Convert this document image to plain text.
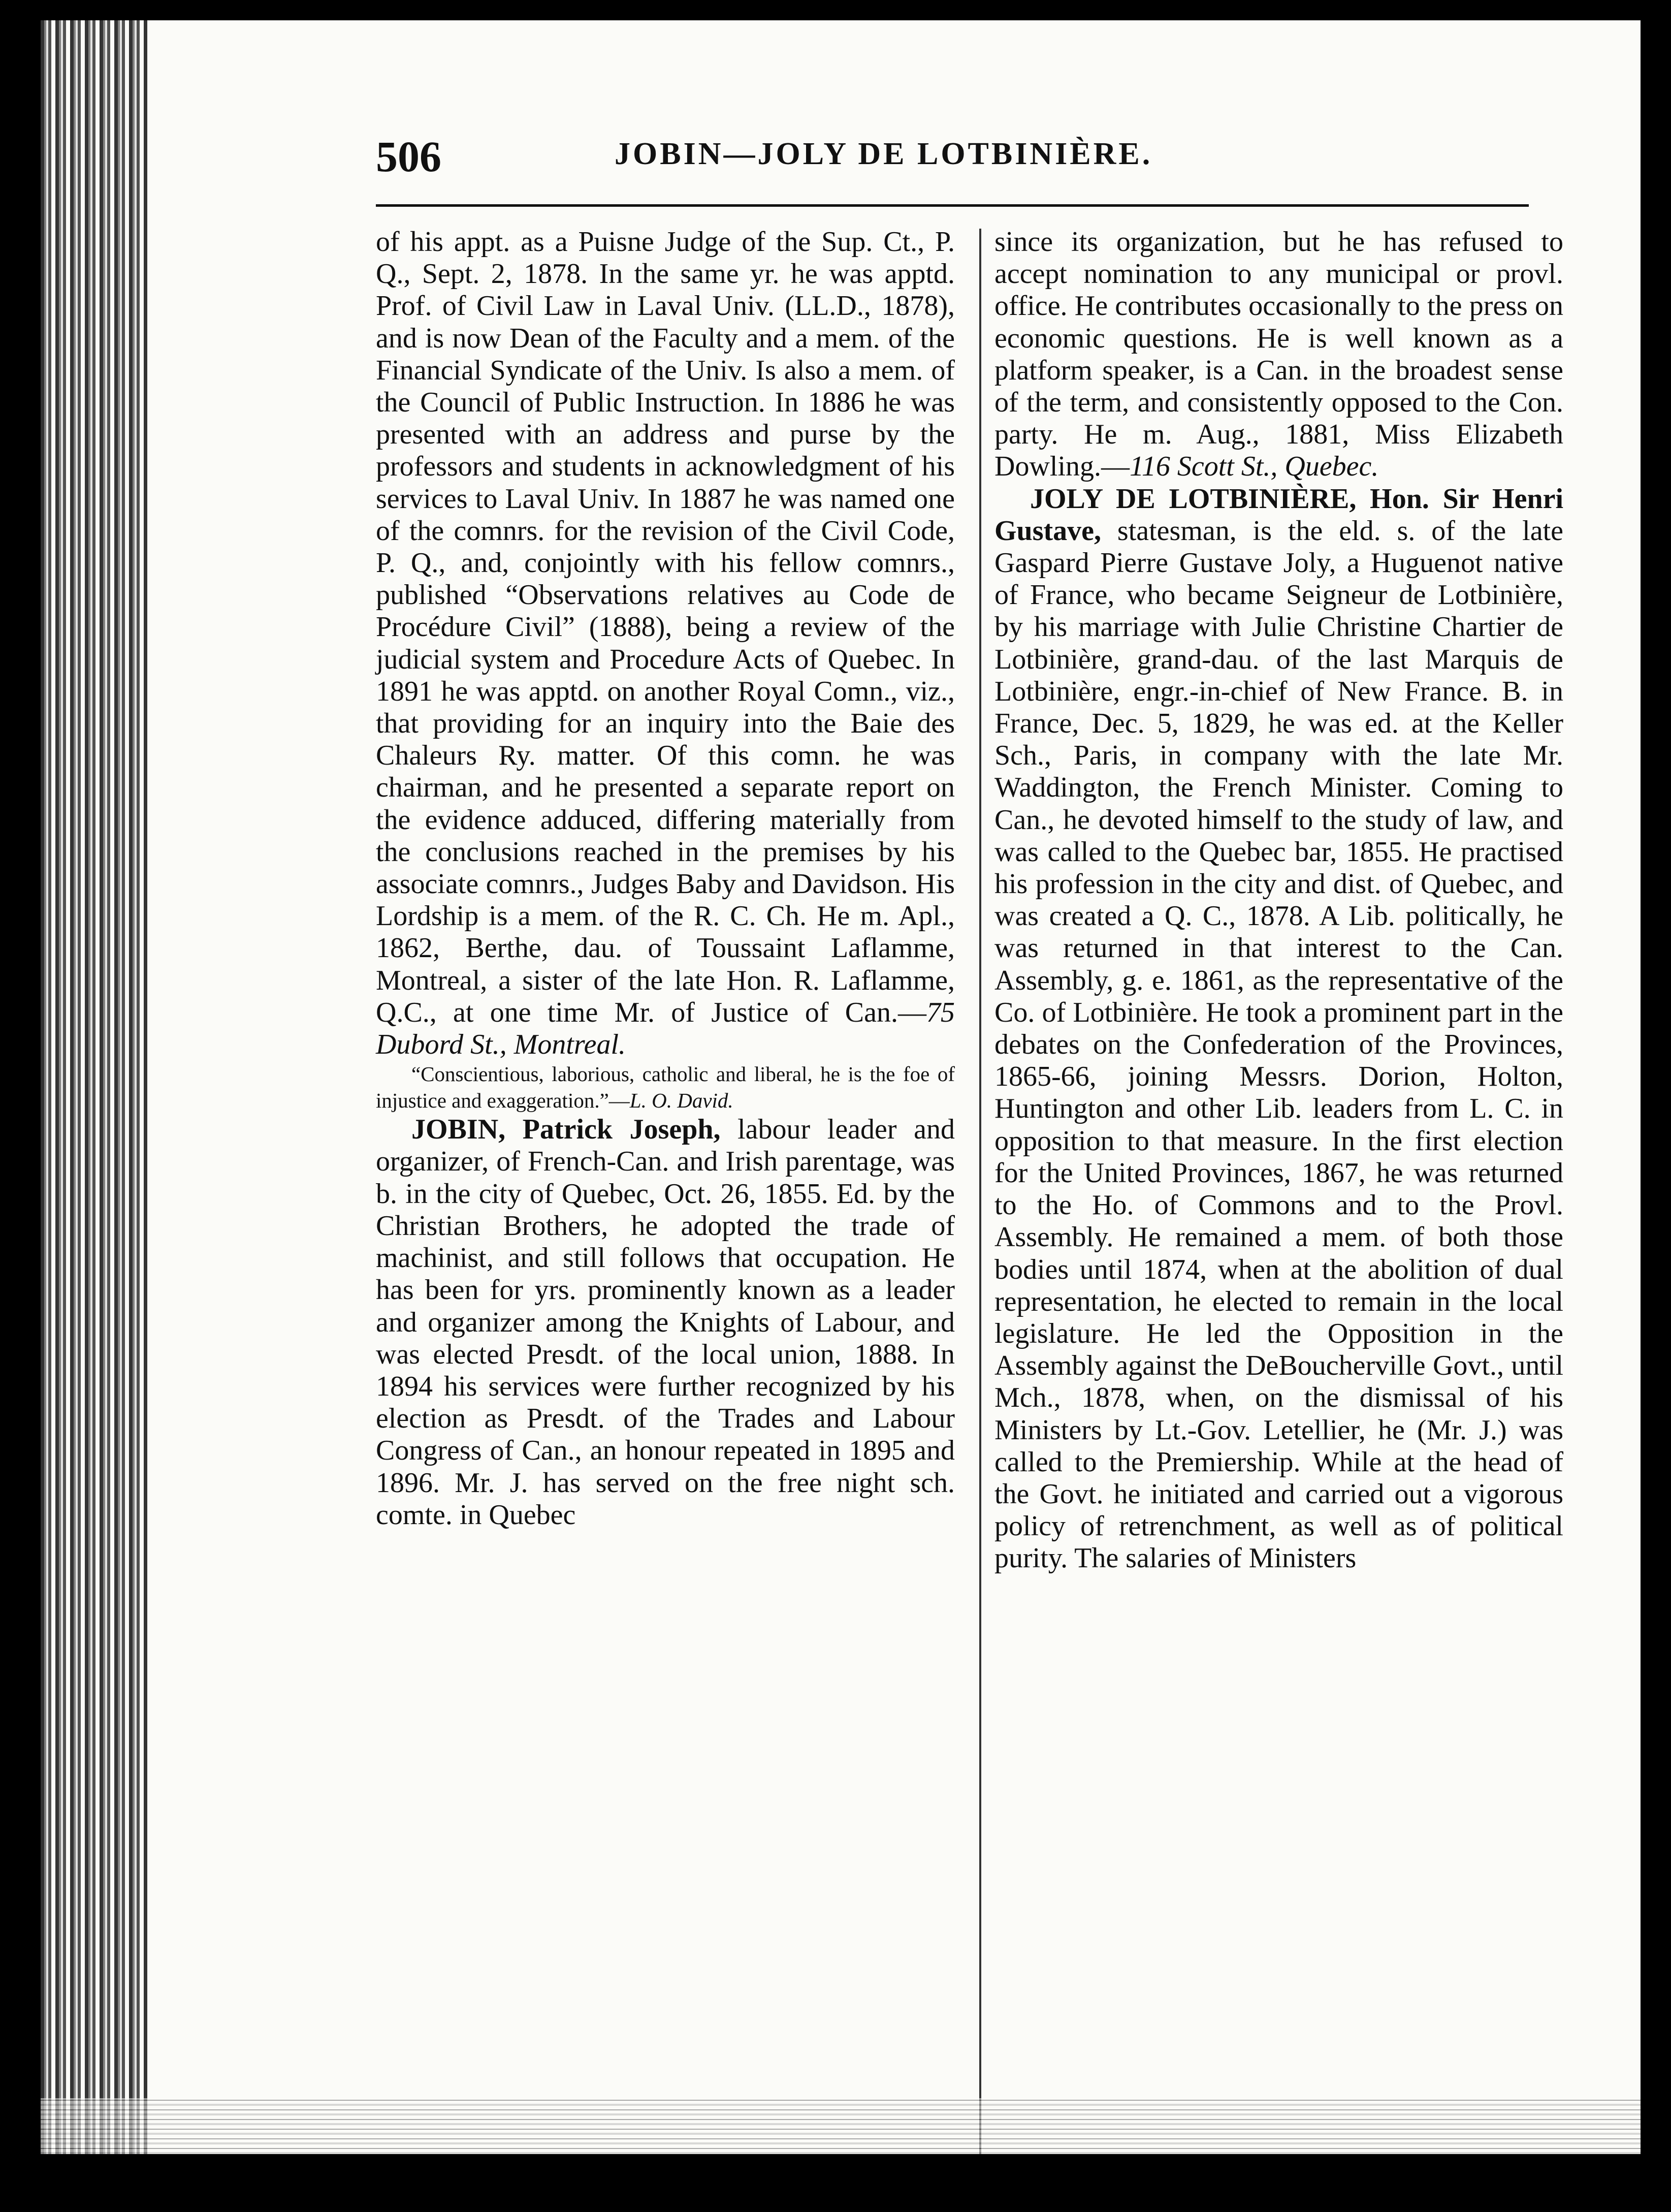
506	JOBIN—JOLY DE LOTBINIÈRE.

of his appt. as a Puisne Judge of the Sup. Ct., P. Q., Sept. 2, 1878. In the same yr. he was apptd. Prof. of Civil Law in Laval Univ. (LL.D., 1878), and is now Dean of the Faculty and a mem. of the Financial Syndicate of the Univ. Is also a mem. of the Council of Public Instruction. In 1886 he was presented with an address and purse by the professors and students in acknowledgment of his services to Laval Univ. In 1887 he was named one of the comnrs. for the revision of the Civil Code, P. Q., and, conjointly with his fellow comnrs., published “Observations relatives au Code de Procédure Civil” (1888), being a review of the judicial system and Procedure Acts of Quebec. In 1891 he was apptd. on another Royal Comn., viz., that providing for an inquiry into the Baie des Chaleurs Ry. matter. Of this comn. he was chairman, and he presented a separate report on the evidence adduced, differing materially from the conclusions reached in the premises by his associate comnrs., Judges Baby and Davidson. His Lordship is a mem. of the R. C. Ch. He m. Apl., 1862, Berthe, dau. of Toussaint Laflamme, Montreal, a sister of the late Hon. R. Laflamme, Q.C., at one time Mr. of Justice of Can.—75 Dubord St., Montreal.

“Conscientious, laborious, catholic and liberal, he is the foe of injustice and exaggeration.”—L. O. David.

JOBIN, Patrick Joseph, labour leader and organizer, of French-Can. and Irish parentage, was b. in the city of Quebec, Oct. 26, 1855. Ed. by the Christian Brothers, he adopted the trade of machinist, and still follows that occupation. He has been for yrs. prominently known as a leader and organizer among the Knights of Labour, and was elected Presdt. of the local union, 1888. In 1894 his services were further recognized by his election as Presdt. of the Trades and Labour Congress of Can., an honour repeated in 1895 and 1896. Mr. J. has served on the free night sch. comte. in Quebec

since its organization, but he has refused to accept nomination to any municipal or provl. office. He contributes occasionally to the press on economic questions. He is well known as a platform speaker, is a Can. in the broadest sense of the term, and consistently opposed to the Con. party. He m. Aug., 1881, Miss Elizabeth Dowling.—116 Scott St., Quebec.

JOLY DE LOTBINIÈRE, Hon. Sir Henri Gustave, statesman, is the eld. s. of the late Gaspard Pierre Gustave Joly, a Huguenot native of France, who became Seigneur de Lotbinière, by his marriage with Julie Christine Chartier de Lotbinière, grand-dau. of the last Marquis de Lotbinière, engr.-in-chief of New France. B. in France, Dec. 5, 1829, he was ed. at the Keller Sch., Paris, in company with the late Mr. Waddington, the French Minister. Coming to Can., he devoted himself to the study of law, and was called to the Quebec bar, 1855. He practised his profession in the city and dist. of Quebec, and was created a Q. C., 1878. A Lib. politically, he was returned in that interest to the Can. Assembly, g. e. 1861, as the representative of the Co. of Lotbinière. He took a prominent part in the debates on the Confederation of the Provinces, 1865-66, joining Messrs. Dorion, Holton, Huntington and other Lib. leaders from L. C. in opposition to that measure. In the first election for the United Provinces, 1867, he was returned to the Ho. of Commons and to the Provl. Assembly. He remained a mem. of both those bodies until 1874, when at the abolition of dual representation, he elected to remain in the local legislature. He led the Opposition in the Assembly against the DeBoucherville Govt., until Mch., 1878, when, on the dismissal of his Ministers by Lt.-Gov. Letellier, he (Mr. J.) was called to the Premiership. While at the head of the Govt. he initiated and carried out a vigorous policy of retrenchment, as well as of political purity. The salaries of Ministers
